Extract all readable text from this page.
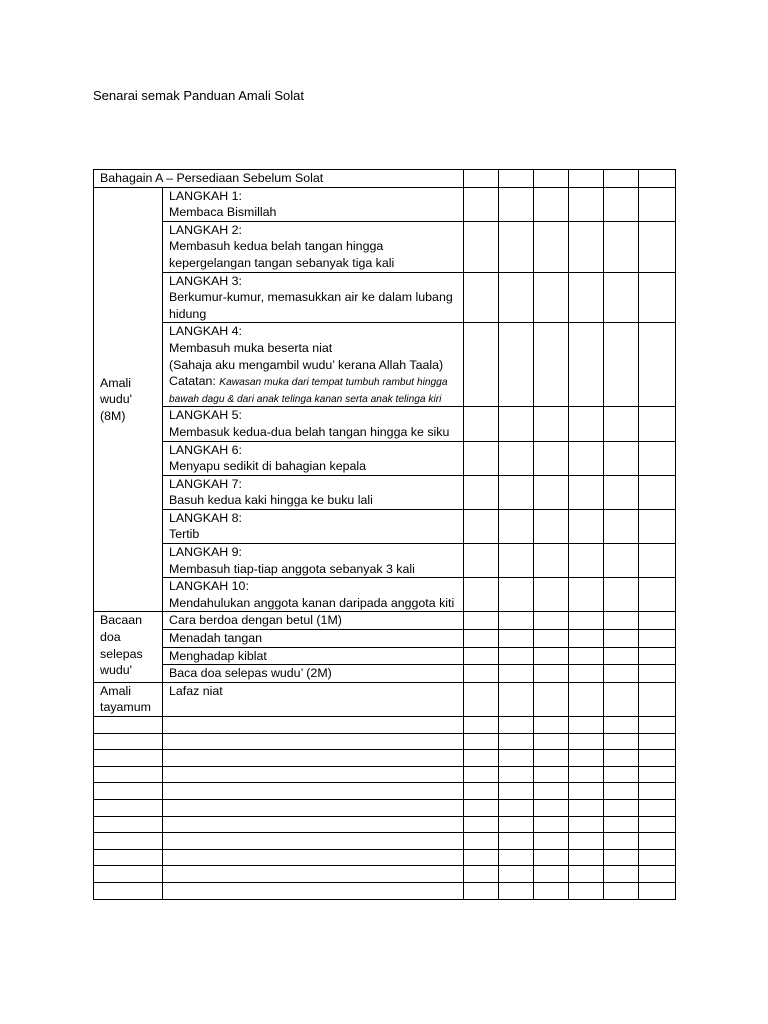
Senarai semak Panduan Amali Solat
Bahagain A – Persediaan Sebelum Solat							

Amali
wudu'
(8M)	LANGKAH 1:
Membaca Bismillah						

	LANGKAH 2:
Membasuh kedua belah tangan hingga kepergelangan tangan sebanyak tiga kali						

	LANGKAH 3:
Berkumur-kumur, memasukkan air ke dalam lubang hidung						

	LANGKAH 4:
Membasuh muka beserta niat
(Sahaja aku mengambil wudu’ kerana Allah Taala)
Catatan: Kawasan muka dari tempat tumbuh rambut hingga bawah dagu & dari anak telinga kanan serta anak telinga kiri						

	LANGKAH 5:
Membasuk kedua-dua belah tangan hingga ke siku						

	LANGKAH 6:
Menyapu sedikit di bahagian kepala						

	LANGKAH 7:
Basuh kedua kaki hingga ke buku lali						

	LANGKAH 8:
Tertib						

	LANGKAH 9:
Membasuh tiap-tiap anggota sebanyak 3 kali						

	LANGKAH 10:
Mendahulukan anggota kanan daripada anggota kiti						

Bacaan
doa
selepas
wudu'	Cara berdoa dengan betul (1M)						

	Menadah tangan						

	Menghadap kiblat						

	Baca doa selepas wudu’ (2M)						

Amali
tayamum	Lafaz niat						
